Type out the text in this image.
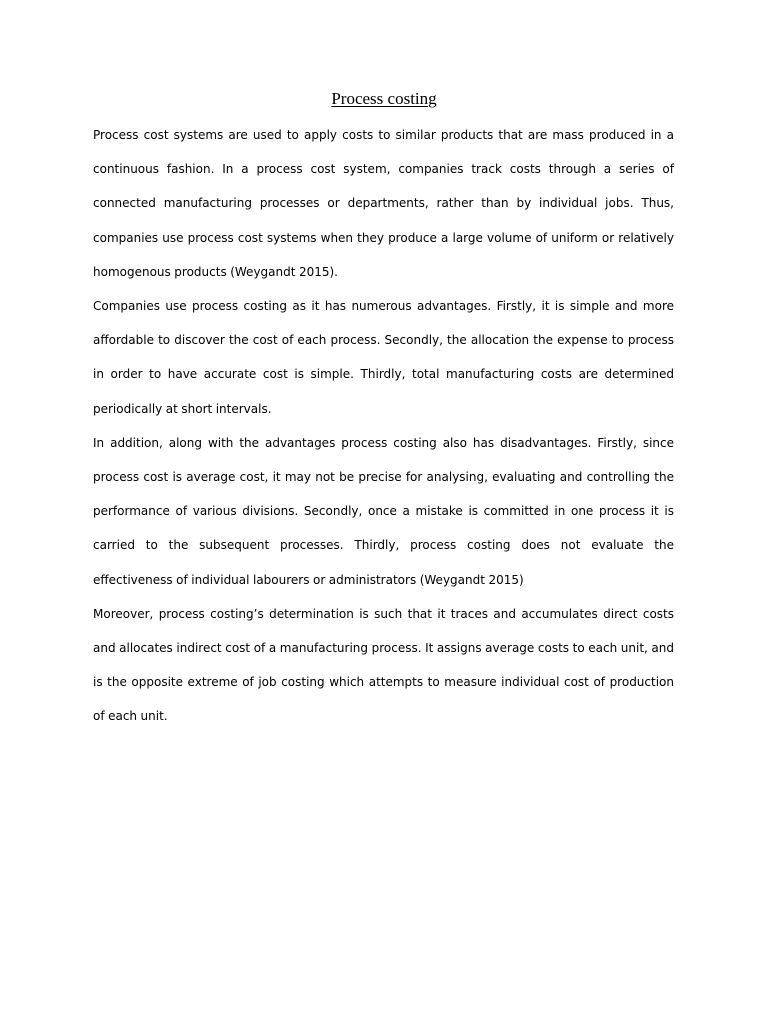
Process costing

Process cost systems are used to apply costs to similar products that are mass produced in a continuous fashion. In a process cost system, companies track costs through a series of connected manufacturing processes or departments, rather than by individual jobs. Thus, companies use process cost systems when they produce a large volume of uniform or relatively homogenous products (Weygandt 2015).

Companies use process costing as it has numerous advantages. Firstly, it is simple and more affordable to discover the cost of each process. Secondly, the allocation the expense to process in order to have accurate cost is simple. Thirdly, total manufacturing costs are determined periodically at short intervals.

In addition, along with the advantages process costing also has disadvantages. Firstly, since process cost is average cost, it may not be precise for analysing, evaluating and controlling the performance of various divisions. Secondly, once a mistake is committed in one process it is carried to the subsequent processes. Thirdly, process costing does not evaluate the effectiveness of individual labourers or administrators (Weygandt 2015)

Moreover, process costing’s determination is such that it traces and accumulates direct costs and allocates indirect cost of a manufacturing process. It assigns average costs to each unit, and is the opposite extreme of job costing which attempts to measure individual cost of production of each unit.
